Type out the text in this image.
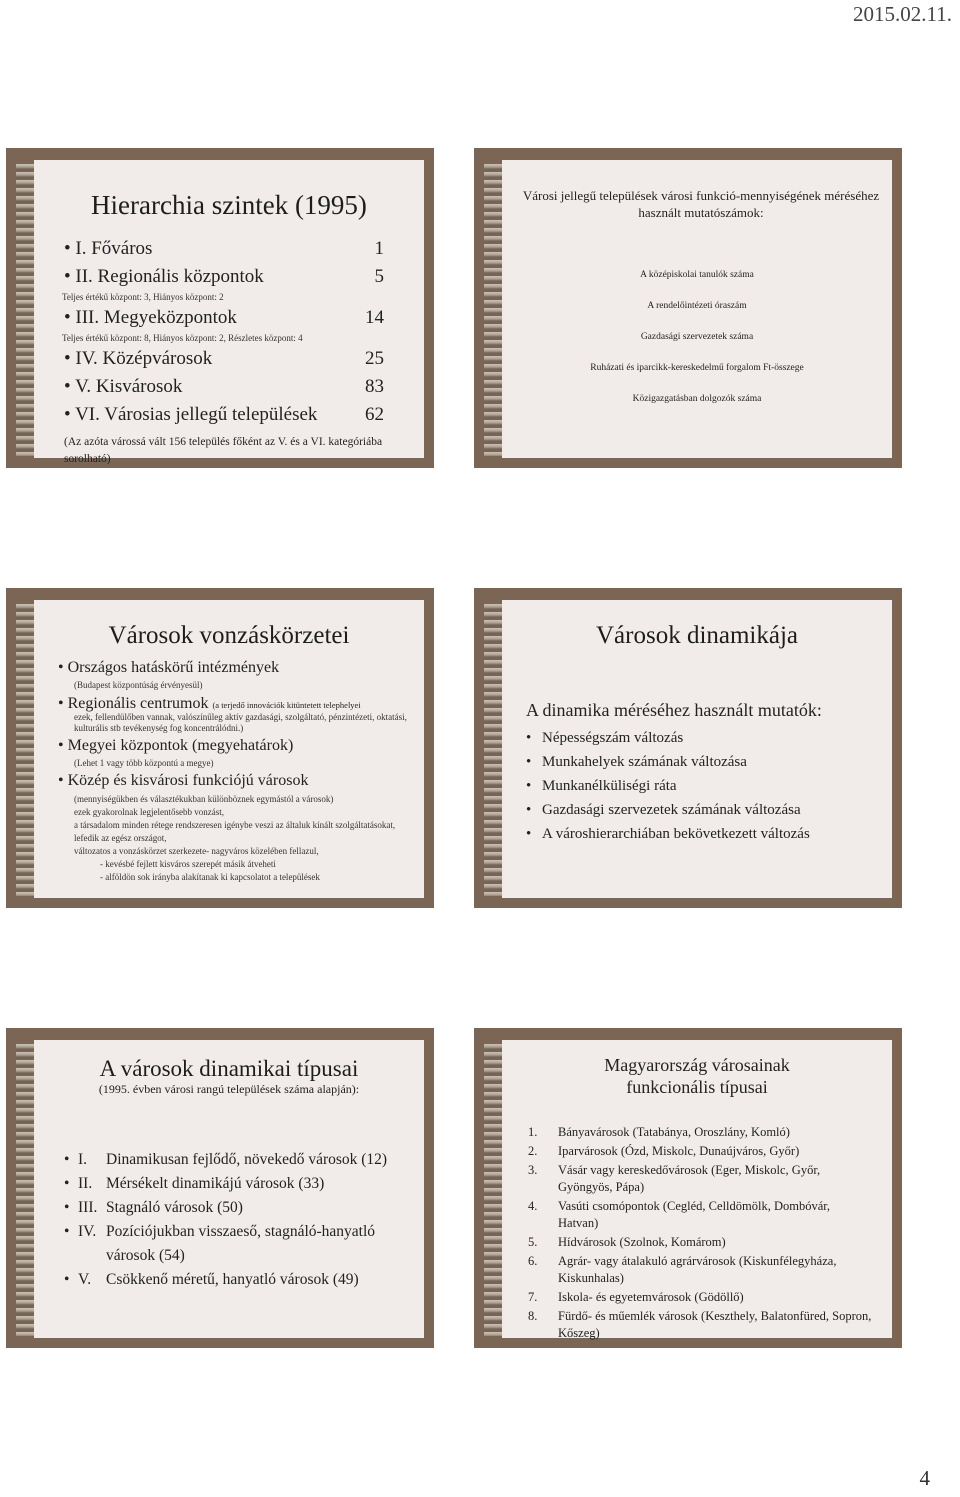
2015.02.11.
Hierarchia szintek (1995)
• I. Főváros	1
• II. Regionális központok	5
Teljes értékű központ: 3, Hiányos központ: 2
• III. Megyeközpontok	14
Teljes értékű központ: 8, Hiányos központ: 2, Részletes központ: 4
• IV. Középvárosok	25
• V. Kisvárosok	83
• VI. Városias jellegű települések	62
(Az azóta várossá vált 156 település főként az V. és a VI. kategóriába sorolható)
Városi jellegű települések városi funkció-mennyiségének méréséhez használt mutatószámok:
A középiskolai tanulók száma
A rendelőintézeti óraszám
Gazdasági szervezetek száma
Ruházati és iparcikk-kereskedelmű forgalom Ft-összege
Közigazgatásban dolgozók száma
Városok vonzáskörzetei
• Országos hatáskörű intézmények
(Budapest központúság érvényesül)
• Regionális centrumok (a terjedő innovációk kitüntetett telephelyei
ezek, fellendülőben vannak, valószínűleg aktív gazdasági, szolgáltató, pénzintézeti, oktatási, kulturális stb tevékenység fog koncentrálódni.)
• Megyei központok (megyehatárok)
(Lehet 1 vagy több központú a megye)
• Közép és kisvárosi funkciójú városok
(mennyiségükben és választékukban különböznek egymástól a városok)
ezek gyakorolnak legjelentősebb vonzást,
a társadalom minden rétege rendszeresen igénybe veszi az általuk kínált szolgáltatásokat,
lefedik az egész országot,
változatos a vonzáskörzet szerkezete- nagyváros közelében fellazul,
- kevésbé fejlett kisváros szerepét másik átveheti
- alföldön sok irányba alakítanak ki kapcsolatot a települések
Városok dinamikája
A dinamika méréséhez használt mutatók:
• Népességszám változás
• Munkahelyek számának változása
• Munkanélküliségi ráta
• Gazdasági szervezetek számának változása
• A városhierarchiában bekövetkezett változás
A városok dinamikai típusai
(1995. évben városi rangú települések száma alapján):
• I.	Dinamikusan fejlődő, növekedő városok (12)
• II. Mérsékelt dinamikájú városok (33)
• III. Stagnáló városok (50)
• IV. Pozíciójukban visszaeső, stagnáló-hanyatló városok (54)
• V. Csökkenő méretű, hanyatló városok (49)
Magyarország városainak
funkcionális típusai
1.	Bányavárosok (Tatabánya, Oroszlány, Komló)
2.	Iparvárosok (Ózd, Miskolc, Dunaújváros, Győr)
3.	Vásár vagy kereskedővárosok (Eger, Miskolc, Győr, Gyöngyös, Pápa)
4.	Vasúti csomópontok (Cegléd, Celldömölk, Dombóvár, Hatvan)
5.	Hídvárosok (Szolnok, Komárom)
6.	Agrár- vagy átalakuló agrárvárosok (Kiskunfélegyháza, Kiskunhalas)
7.	Iskola- és egyetemvárosok (Gödöllő)
8.	Fürdő- és műemlék városok (Keszthely, Balatonfüred, Sopron, Kőszeg)
4
